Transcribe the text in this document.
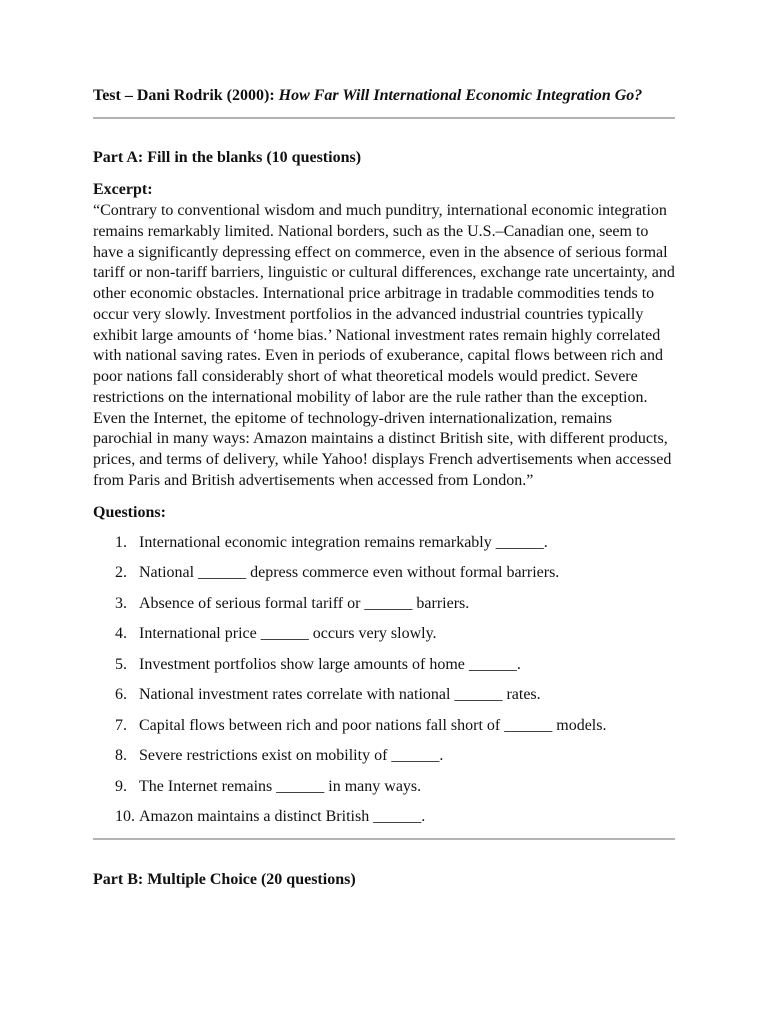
Test – Dani Rodrik (2000): How Far Will International Economic Integration Go?

Part A: Fill in the blanks (10 questions)

Excerpt:

“Contrary to conventional wisdom and much punditry, international economic integration remains remarkably limited. National borders, such as the U.S.–Canadian one, seem to have a significantly depressing effect on commerce, even in the absence of serious formal tariff or non-tariff barriers, linguistic or cultural differences, exchange rate uncertainty, and other economic obstacles. International price arbitrage in tradable commodities tends to occur very slowly. Investment portfolios in the advanced industrial countries typically exhibit large amounts of ‘home bias.’ National investment rates remain highly correlated with national saving rates. Even in periods of exuberance, capital flows between rich and poor nations fall considerably short of what theoretical models would predict. Severe restrictions on the international mobility of labor are the rule rather than the exception. Even the Internet, the epitome of technology-driven internationalization, remains parochial in many ways: Amazon maintains a distinct British site, with different products, prices, and terms of delivery, while Yahoo! displays French advertisements when accessed from Paris and British advertisements when accessed from London.”

Questions:

1. International economic integration remains remarkably ______.
2. National ______ depress commerce even without formal barriers.
3. Absence of serious formal tariff or ______ barriers.
4. International price ______ occurs very slowly.
5. Investment portfolios show large amounts of home ______.
6. National investment rates correlate with national ______ rates.
7. Capital flows between rich and poor nations fall short of ______ models.
8. Severe restrictions exist on mobility of ______.
9. The Internet remains ______ in many ways.
10. Amazon maintains a distinct British ______.

Part B: Multiple Choice (20 questions)
